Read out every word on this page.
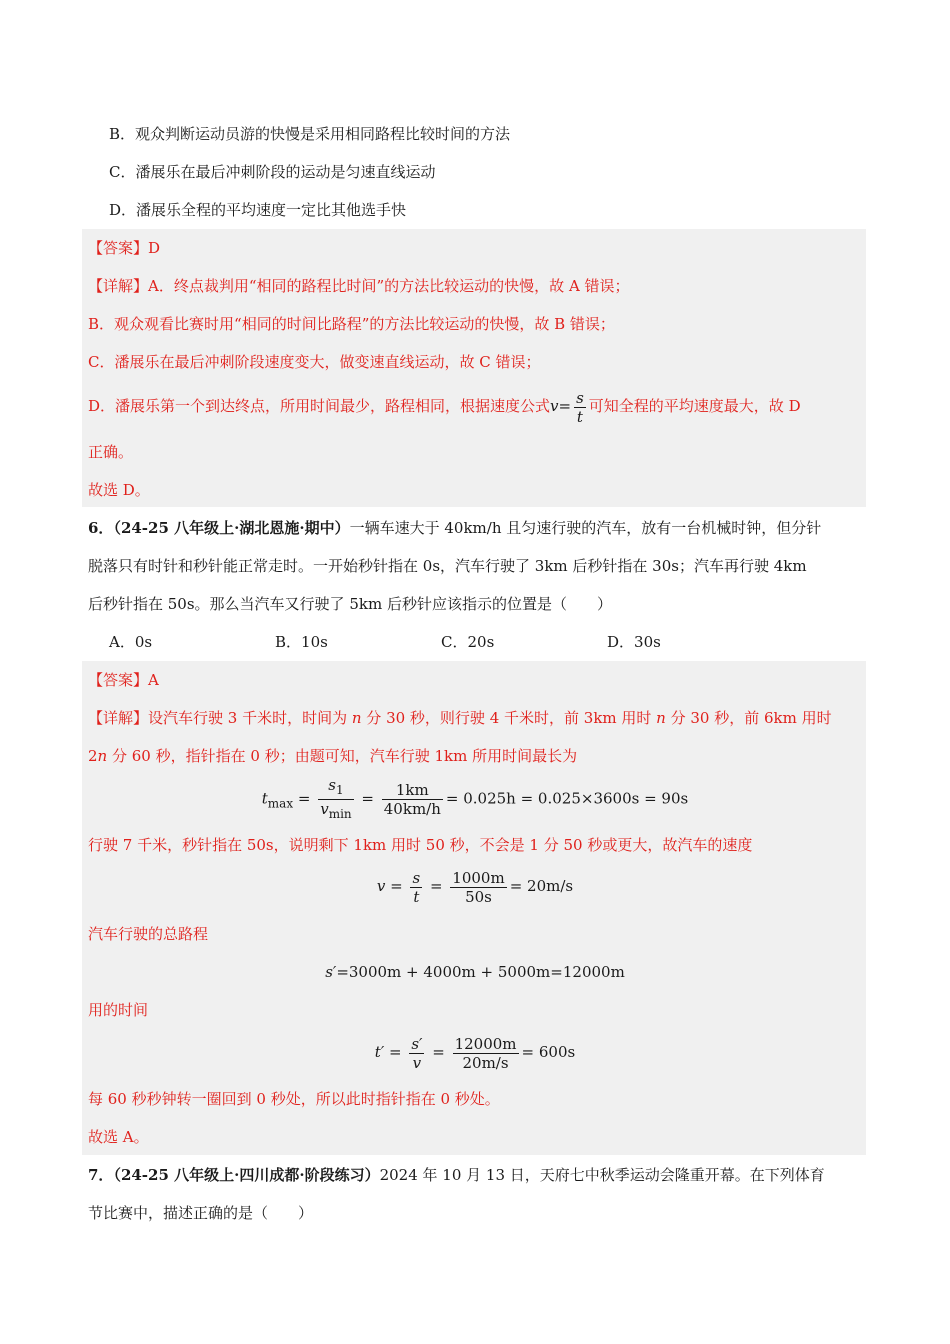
B．观众判断运动员游的快慢是采用相同路程比较时间的方法
C．潘展乐在最后冲刺阶段的运动是匀速直线运动
D．潘展乐全程的平均速度一定比其他选手快
【答案】D
【详解】A．终点裁判用“相同的路程比时间”的方法比较运动的快慢，故 A 错误；
B．观众观看比赛时用“相同的时间比路程”的方法比较运动的快慢，故 B 错误；
C．潘展乐在最后冲刺阶段速度变大，做变速直线运动，故 C 错误；
D．潘展乐第一个到达终点，所用时间最少，路程相同，根据速度公式$v= \frac{s}{t}$ 可知全程的平均速度最大，故 D
正确。
故选 D。
6．（24-25 八年级上·湖北恩施·期中）一辆车速大于 40km/h 且匀速行驶的汽车，放有一台机械时钟，但分针
脱落只有时针和秒针能正常走时。一开始秒针指在 0s，汽车行驶了 3km 后秒针指在 30s；汽车再行驶 4km
后秒针指在 50s。那么当汽车又行驶了 5km 后秒针应该指示的位置是（　　）
A．0s	B．10s	C．20s	D．30s
【答案】A
【详解】设汽车行驶 3 千米时，时间为 n 分 30 秒，则行驶 4 千米时，前 3km 用时 n 分 30 秒，前 6km 用时
2n 分 60 秒，指针指在 0 秒；由题可知，汽车行驶 1km 所用时间最长为
$t_{max} = \frac{s_1}{v_{min}} = \frac{1km}{40km/h} = 0.025h = 0.025\times 3600s = 90s$
行驶 7 千米，秒针指在 50s，说明剩下 1km 用时 50 秒，不会是 1 分 50 秒或更大，故汽车的速度
$v = \frac{s}{t} = \frac{1000m}{50s} = 20m/s$
汽车行驶的总路程
s′=3000m + 4000m + 5000m=12000m
用的时间
$t' = \frac{s'}{v} = \frac{12000m}{20m/s} = 600s$
每 60 秒秒钟转一圈回到 0 秒处，所以此时指针指在 0 秒处。
故选 A。
7．（24-25 八年级上·四川成都·阶段练习）2024 年 10 月 13 日，天府七中秋季运动会隆重开幕。在下列体育
节比赛中，描述正确的是（　　）
